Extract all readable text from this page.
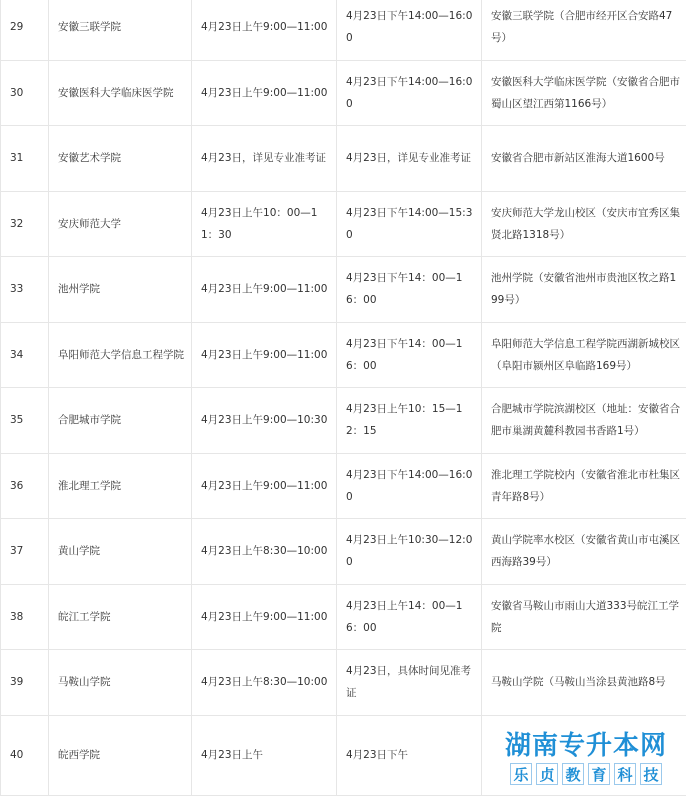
29	安徽三联学院	4月23日上午9:00—11:00	4月23日下午14:00—16:00	安徽三联学院（合肥市经开区合安路47号）
30	安徽医科大学临床医学院	4月23日上午9:00—11:00	4月23日下午14:00—16:00	安徽医科大学临床医学院（安徽省合肥市蜀山区望江西第1166号）
31	安徽艺术学院	4月23日，详见专业准考证	4月23日，详见专业准考证	安徽省合肥市新站区淮海大道1600号
32	安庆师范大学	4月23日上午10：00—11：30	4月23日下午14:00—15:30	安庆师范大学龙山校区（安庆市宜秀区集贤北路1318号）
33	池州学院	4月23日上午9:00—11:00	4月23日下午14：00—16：00	池州学院（安徽省池州市贵池区牧之路199号）
34	阜阳师范大学信息工程学院	4月23日上午9:00—11:00	4月23日下午14：00—16：00	阜阳师范大学信息工程学院西湖新城校区（阜阳市颍州区阜临路169号）
35	合肥城市学院	4月23日上午9:00—10:30	4月23日上午10：15—12：15	合肥城市学院滨湖校区（地址：安徽省合肥市巢湖黄麓科教园书香路1号）
36	淮北理工学院	4月23日上午9:00—11:00	4月23日下午14:00—16:00	淮北理工学院校内（安徽省淮北市杜集区青年路8号）
37	黄山学院	4月23日上午8:30—10:00	4月23日上午10:30—12:00	黄山学院率水校区（安徽省黄山市屯溪区西海路39号）
38	皖江工学院	4月23日上午9:00—11:00	4月23日上午14：00—16：00	安徽省马鞍山市雨山大道333号皖江工学院
39	马鞍山学院	4月23日上午8:30—10:00	4月23日，具体时间见准考证	马鞍山学院（马鞍山当涂县黄池路8号
40	皖西学院	4月23日上午	4月23日下午		湖南专升本网
乐 贞 教 育 科 技
